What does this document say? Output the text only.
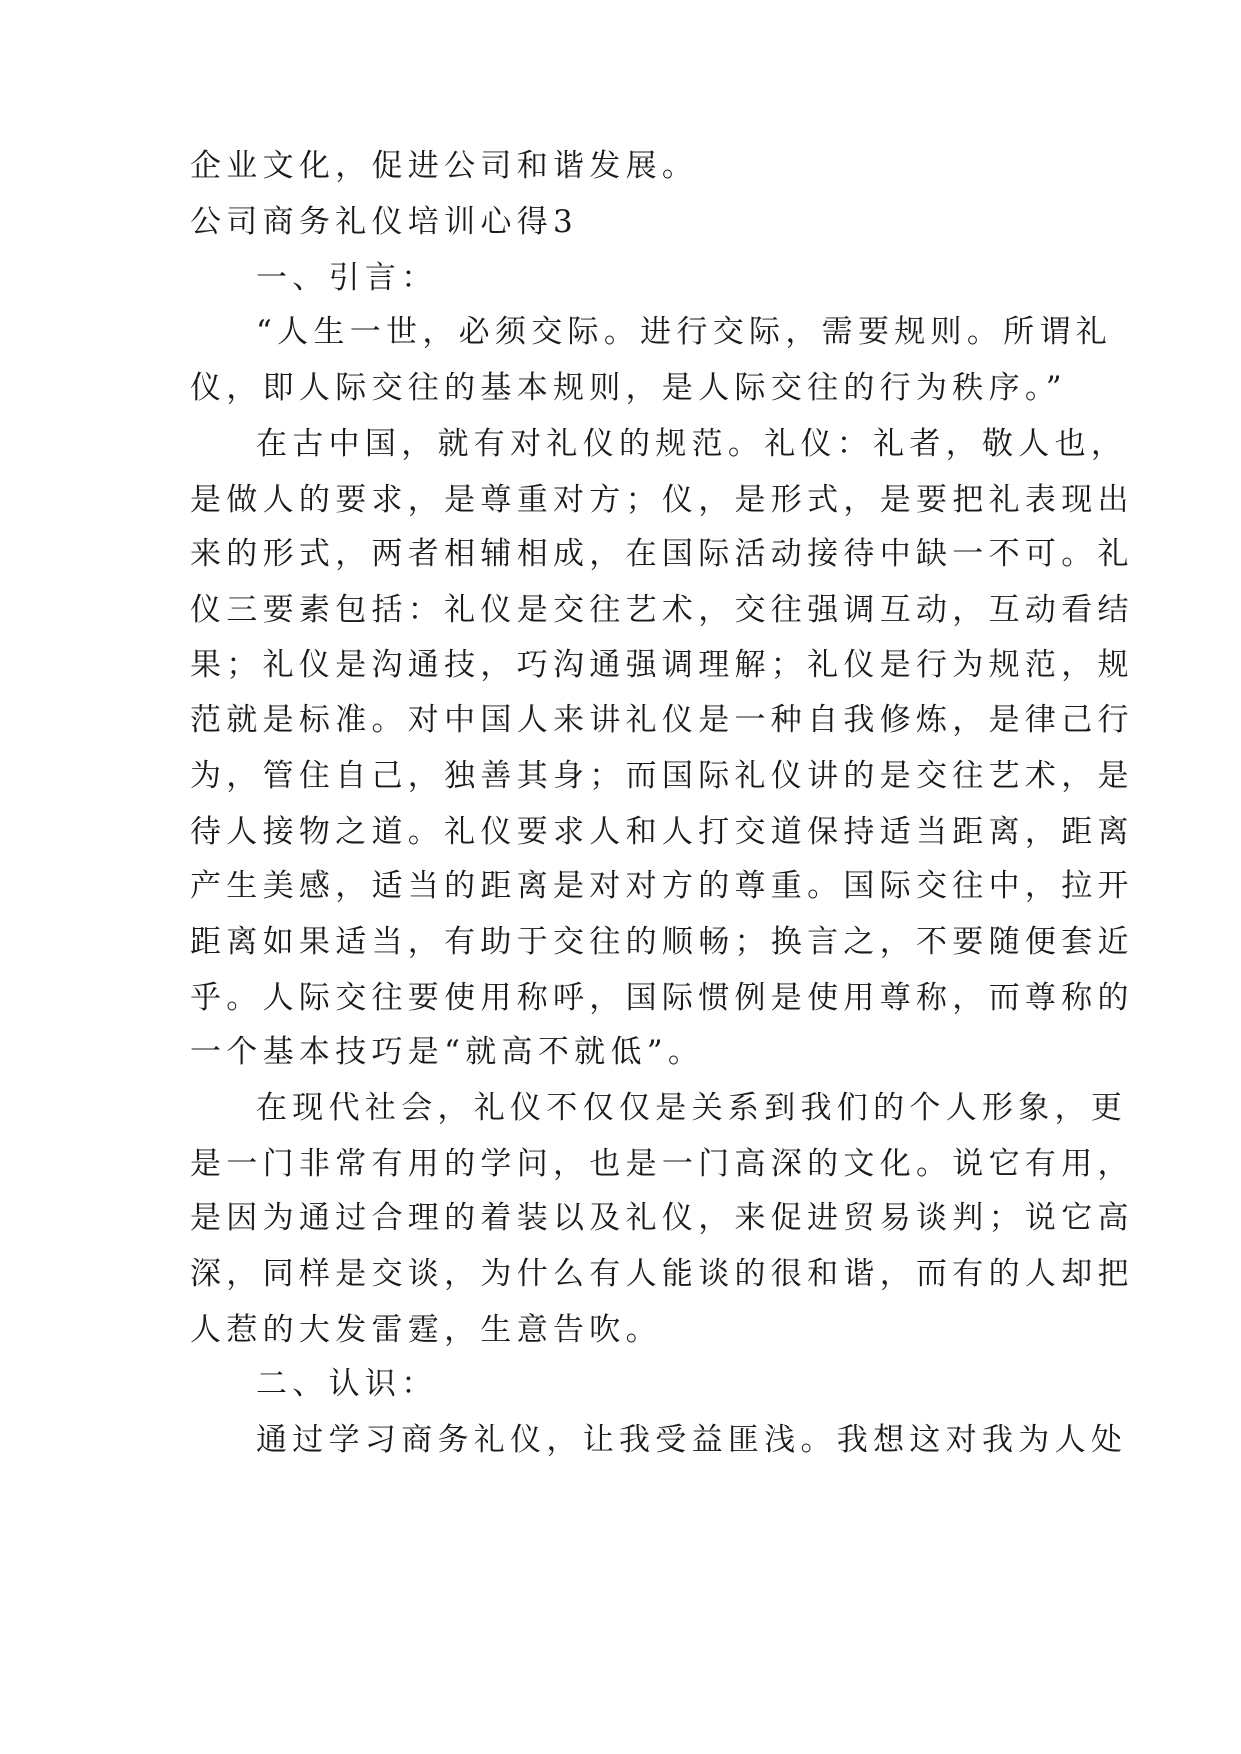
企业文化，促进公司和谐发展。
公司商务礼仪培训心得3
一、引言：
“人生一世，必须交际。进行交际，需要规则。所谓礼
仪，即人际交往的基本规则，是人际交往的行为秩序。”
在古中国，就有对礼仪的规范。礼仪：礼者，敬人也，
是做人的要求，是尊重对方；仪，是形式，是要把礼表现出
来的形式，两者相辅相成，在国际活动接待中缺一不可。礼
仪三要素包括：礼仪是交往艺术，交往强调互动，互动看结
果；礼仪是沟通技，巧沟通强调理解；礼仪是行为规范，规
范就是标准。对中国人来讲礼仪是一种自我修炼，是律己行
为，管住自己，独善其身；而国际礼仪讲的是交往艺术，是
待人接物之道。礼仪要求人和人打交道保持适当距离，距离
产生美感，适当的距离是对对方的尊重。国际交往中，拉开
距离如果适当，有助于交往的顺畅；换言之，不要随便套近
乎。人际交往要使用称呼，国际惯例是使用尊称，而尊称的
一个基本技巧是“就高不就低”。
在现代社会，礼仪不仅仅是关系到我们的个人形象，更
是一门非常有用的学问，也是一门高深的文化。说它有用，
是因为通过合理的着装以及礼仪，来促进贸易谈判；说它高
深，同样是交谈，为什么有人能谈的很和谐，而有的人却把
人惹的大发雷霆，生意告吹。
二、认识：
通过学习商务礼仪，让我受益匪浅。我想这对我为人处
